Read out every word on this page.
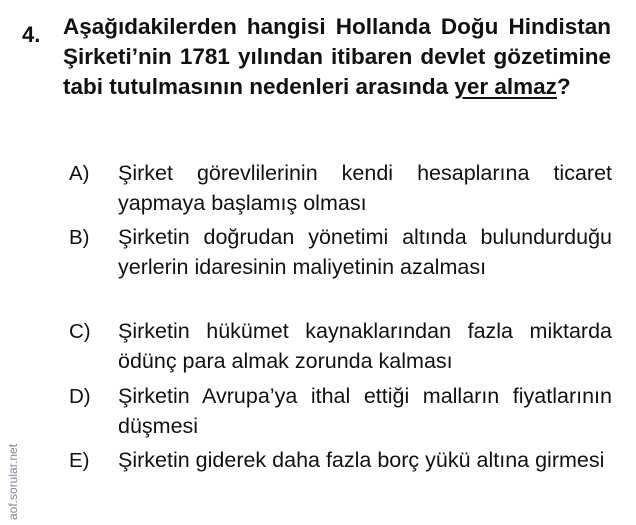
4. Aşağıdakilerden hangisi Hollanda Doğu Hindistan Şirketi’nin 1781 yılından itibaren devlet gözetimine tabi tutulmasının nedenleri arasında yer almaz?
A) Şirket görevlilerinin kendi hesaplarına ticaret yapmaya başlamış olması
B) Şirketin doğrudan yönetimi altında bulundurduğu yerlerin idaresinin maliyetinin azalması
C) Şirketin hükümet kaynaklarından fazla miktarda ödünç para almak zorunda kalması
D) Şirketin Avrupa’ya ithal ettiği malların fiyatlarının düşmesi
E) Şirketin giderek daha fazla borç yükü altına girmesi
aof.sorular.net
